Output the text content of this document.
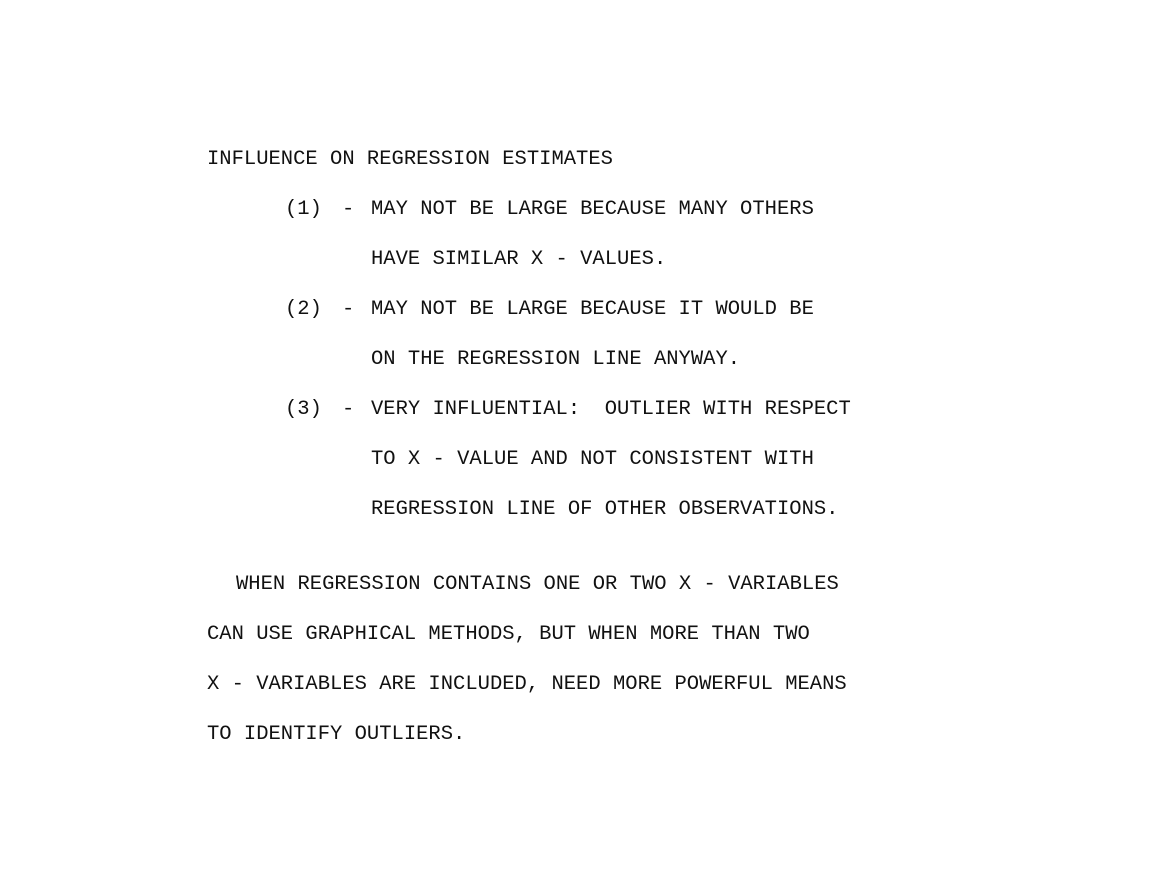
INFLUENCE ON REGRESSION ESTIMATES
(1) - MAY NOT BE LARGE BECAUSE MANY OTHERS
HAVE SIMILAR X - VALUES.
(2) - MAY NOT BE LARGE BECAUSE IT WOULD BE
ON THE REGRESSION LINE ANYWAY.
(3) - VERY INFLUENTIAL:  OUTLIER WITH RESPECT
TO X - VALUE AND NOT CONSISTENT WITH
REGRESSION LINE OF OTHER OBSERVATIONS.
WHEN REGRESSION CONTAINS ONE OR TWO X - VARIABLES
CAN USE GRAPHICAL METHODS, BUT WHEN MORE THAN TWO
X - VARIABLES ARE INCLUDED, NEED MORE POWERFUL MEANS
TO IDENTIFY OUTLIERS.
